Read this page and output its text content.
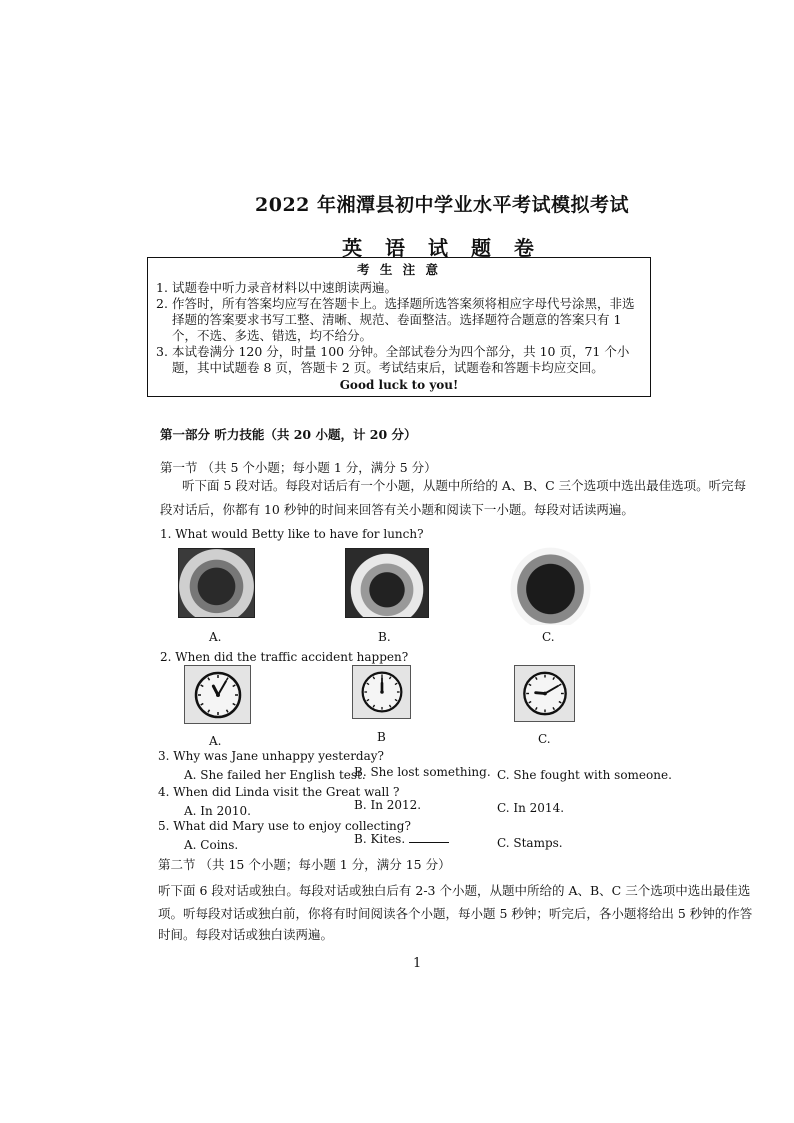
2022 年湘潭县初中学业水平考试模拟考试
英 语 试 题 卷
考 生 注 意
1. 试题卷中听力录音材料以中速朗读两遍。
2. 作答时，所有答案均应写在答题卡上。选择题所选答案须将相应字母代号涂黑，非选择题的答案要求书写工整、清晰、规范、卷面整洁。选择题符合题意的答案只有 1 个，不选、多选、错选，均不给分。
3. 本试卷满分 120 分，时量 100 分钟。全部试卷分为四个部分，共 10 页，71 个小题，其中试题卷 8 页，答题卡 2 页。考试结束后，试题卷和答题卡均应交回。
Good luck to you!
第一部分 听力技能（共 20 小题，计 20 分）
第一节 （共 5 个小题；每小题 1 分，满分 5 分）
听下面 5 段对话。每段对话后有一个小题，从题中所给的 A、B、C 三个选项中选出最佳选项。听完每
段对话后，你都有 10 秒钟的时间来回答有关小题和阅读下一小题。每段对话读两遍。
1. What would Betty like to have for lunch?
A.	B.	C.
2. When did the traffic accident happen?
A.	B	C.
3. Why was Jane unhappy yesterday?
A. She failed her English test.
B. She lost something. C. She fought with someone.
4. When did Linda visit the Great wall ?
A. In 2010.	B. In 2012.	C. In 2014.
5. What did Mary use to enjoy collecting?
A. Coins.	B. Kites.	C. Stamps.
第二节 （共 15 个小题；每小题 1 分，满分 15 分）
听下面 6 段对话或独白。每段对话或独白后有 2-3 个小题，从题中所给的 A、B、C 三个选项中选出最佳选
项。听每段对话或独白前，你将有时间阅读各个小题，每小题 5 秒钟；听完后，各小题将给出 5 秒钟的作答
时间。每段对话或独白读两遍。
1
